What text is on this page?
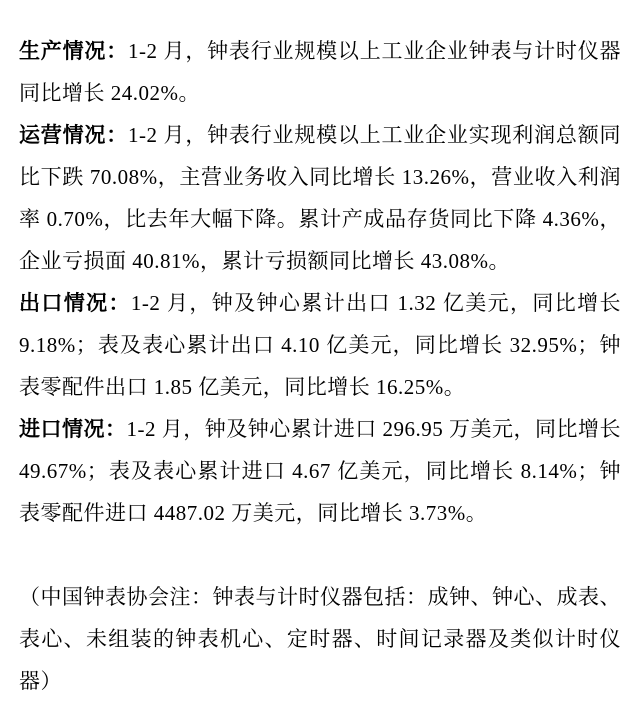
生产情况：1-2 月，钟表行业规模以上工业企业钟表与计时仪器同比增长 24.02%。

运营情况：1-2 月，钟表行业规模以上工业企业实现利润总额同比下跌 70.08%，主营业务收入同比增长 13.26%，营业收入利润率 0.70%，比去年大幅下降。累计产成品存货同比下降 4.36%，企业亏损面 40.81%，累计亏损额同比增长 43.08%。

出口情况：1-2 月，钟及钟心累计出口 1.32 亿美元，同比增长 9.18%；表及表心累计出口 4.10 亿美元，同比增长 32.95%；钟表零配件出口 1.85 亿美元，同比增长 16.25%。

进口情况：1-2 月，钟及钟心累计进口 296.95 万美元，同比增长 49.67%；表及表心累计进口 4.67 亿美元，同比增长 8.14%；钟表零配件进口 4487.02 万美元，同比增长 3.73%。

（中国钟表协会注：钟表与计时仪器包括：成钟、钟心、成表、表心、未组装的钟表机心、定时器、时间记录器及类似计时仪器）
